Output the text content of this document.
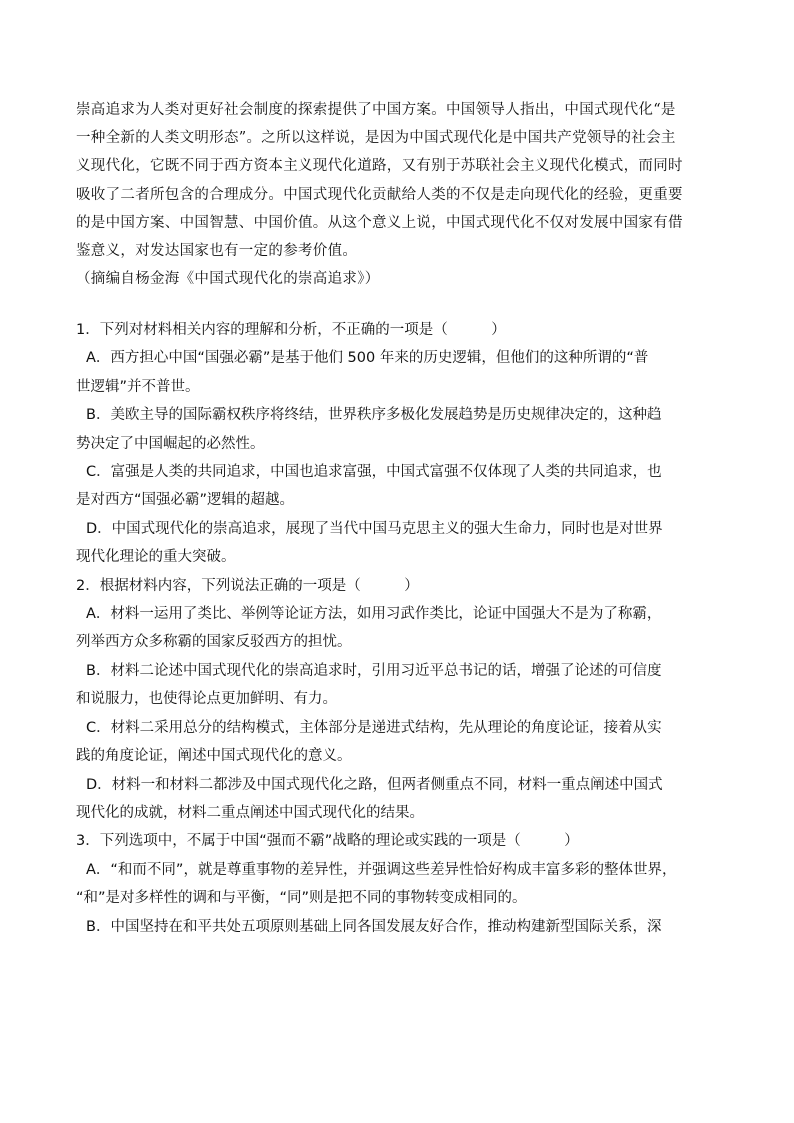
崇高追求为人类对更好社会制度的探索提供了中国方案。中国领导人指出，中国式现代化“是

一种全新的人类文明形态”。之所以这样说，是因为中国式现代化是中国共产党领导的社会主

义现代化，它既不同于西方资本主义现代化道路，又有别于苏联社会主义现代化模式，而同时

吸收了二者所包含的合理成分。中国式现代化贡献给人类的不仅是走向现代化的经验，更重要

的是中国方案、中国智慧、中国价值。从这个意义上说，中国式现代化不仅对发展中国家有借

鉴意义，对发达国家也有一定的参考价值。

（摘编自杨金海《中国式现代化的崇高追求》）

1．下列对材料相关内容的理解和分析，不正确的一项是（　　　）

A．西方担心中国“国强必霸”是基于他们 500 年来的历史逻辑，但他们的这种所谓的“普
世逻辑”并不普世。

B．美欧主导的国际霸权秩序将终结，世界秩序多极化发展趋势是历史规律决定的，这种趋
势决定了中国崛起的必然性。

C．富强是人类的共同追求，中国也追求富强，中国式富强不仅体现了人类的共同追求，也
是对西方“国强必霸”逻辑的超越。

D．中国式现代化的崇高追求，展现了当代中国马克思主义的强大生命力，同时也是对世界
现代化理论的重大突破。

2．根据材料内容，下列说法正确的一项是（　　　）

A．材料一运用了类比、举例等论证方法，如用习武作类比，论证中国强大不是为了称霸，
列举西方众多称霸的国家反驳西方的担忧。

B．材料二论述中国式现代化的崇高追求时，引用习近平总书记的话，增强了论述的可信度
和说服力，也使得论点更加鲜明、有力。

C．材料二采用总分的结构模式，主体部分是递进式结构，先从理论的角度论证，接着从实
践的角度论证，阐述中国式现代化的意义。

D．材料一和材料二都涉及中国式现代化之路，但两者侧重点不同，材料一重点阐述中国式
现代化的成就，材料二重点阐述中国式现代化的结果。

3．下列选项中，不属于中国“强而不霸”战略的理论或实践的一项是（　　　）

A．“和而不同”，就是尊重事物的差异性，并强调这些差异性恰好构成丰富多彩的整体世界，
“和”是对多样性的调和与平衡，“同”则是把不同的事物转变成相同的。

B．中国坚持在和平共处五项原则基础上同各国发展友好合作，推动构建新型国际关系，深
